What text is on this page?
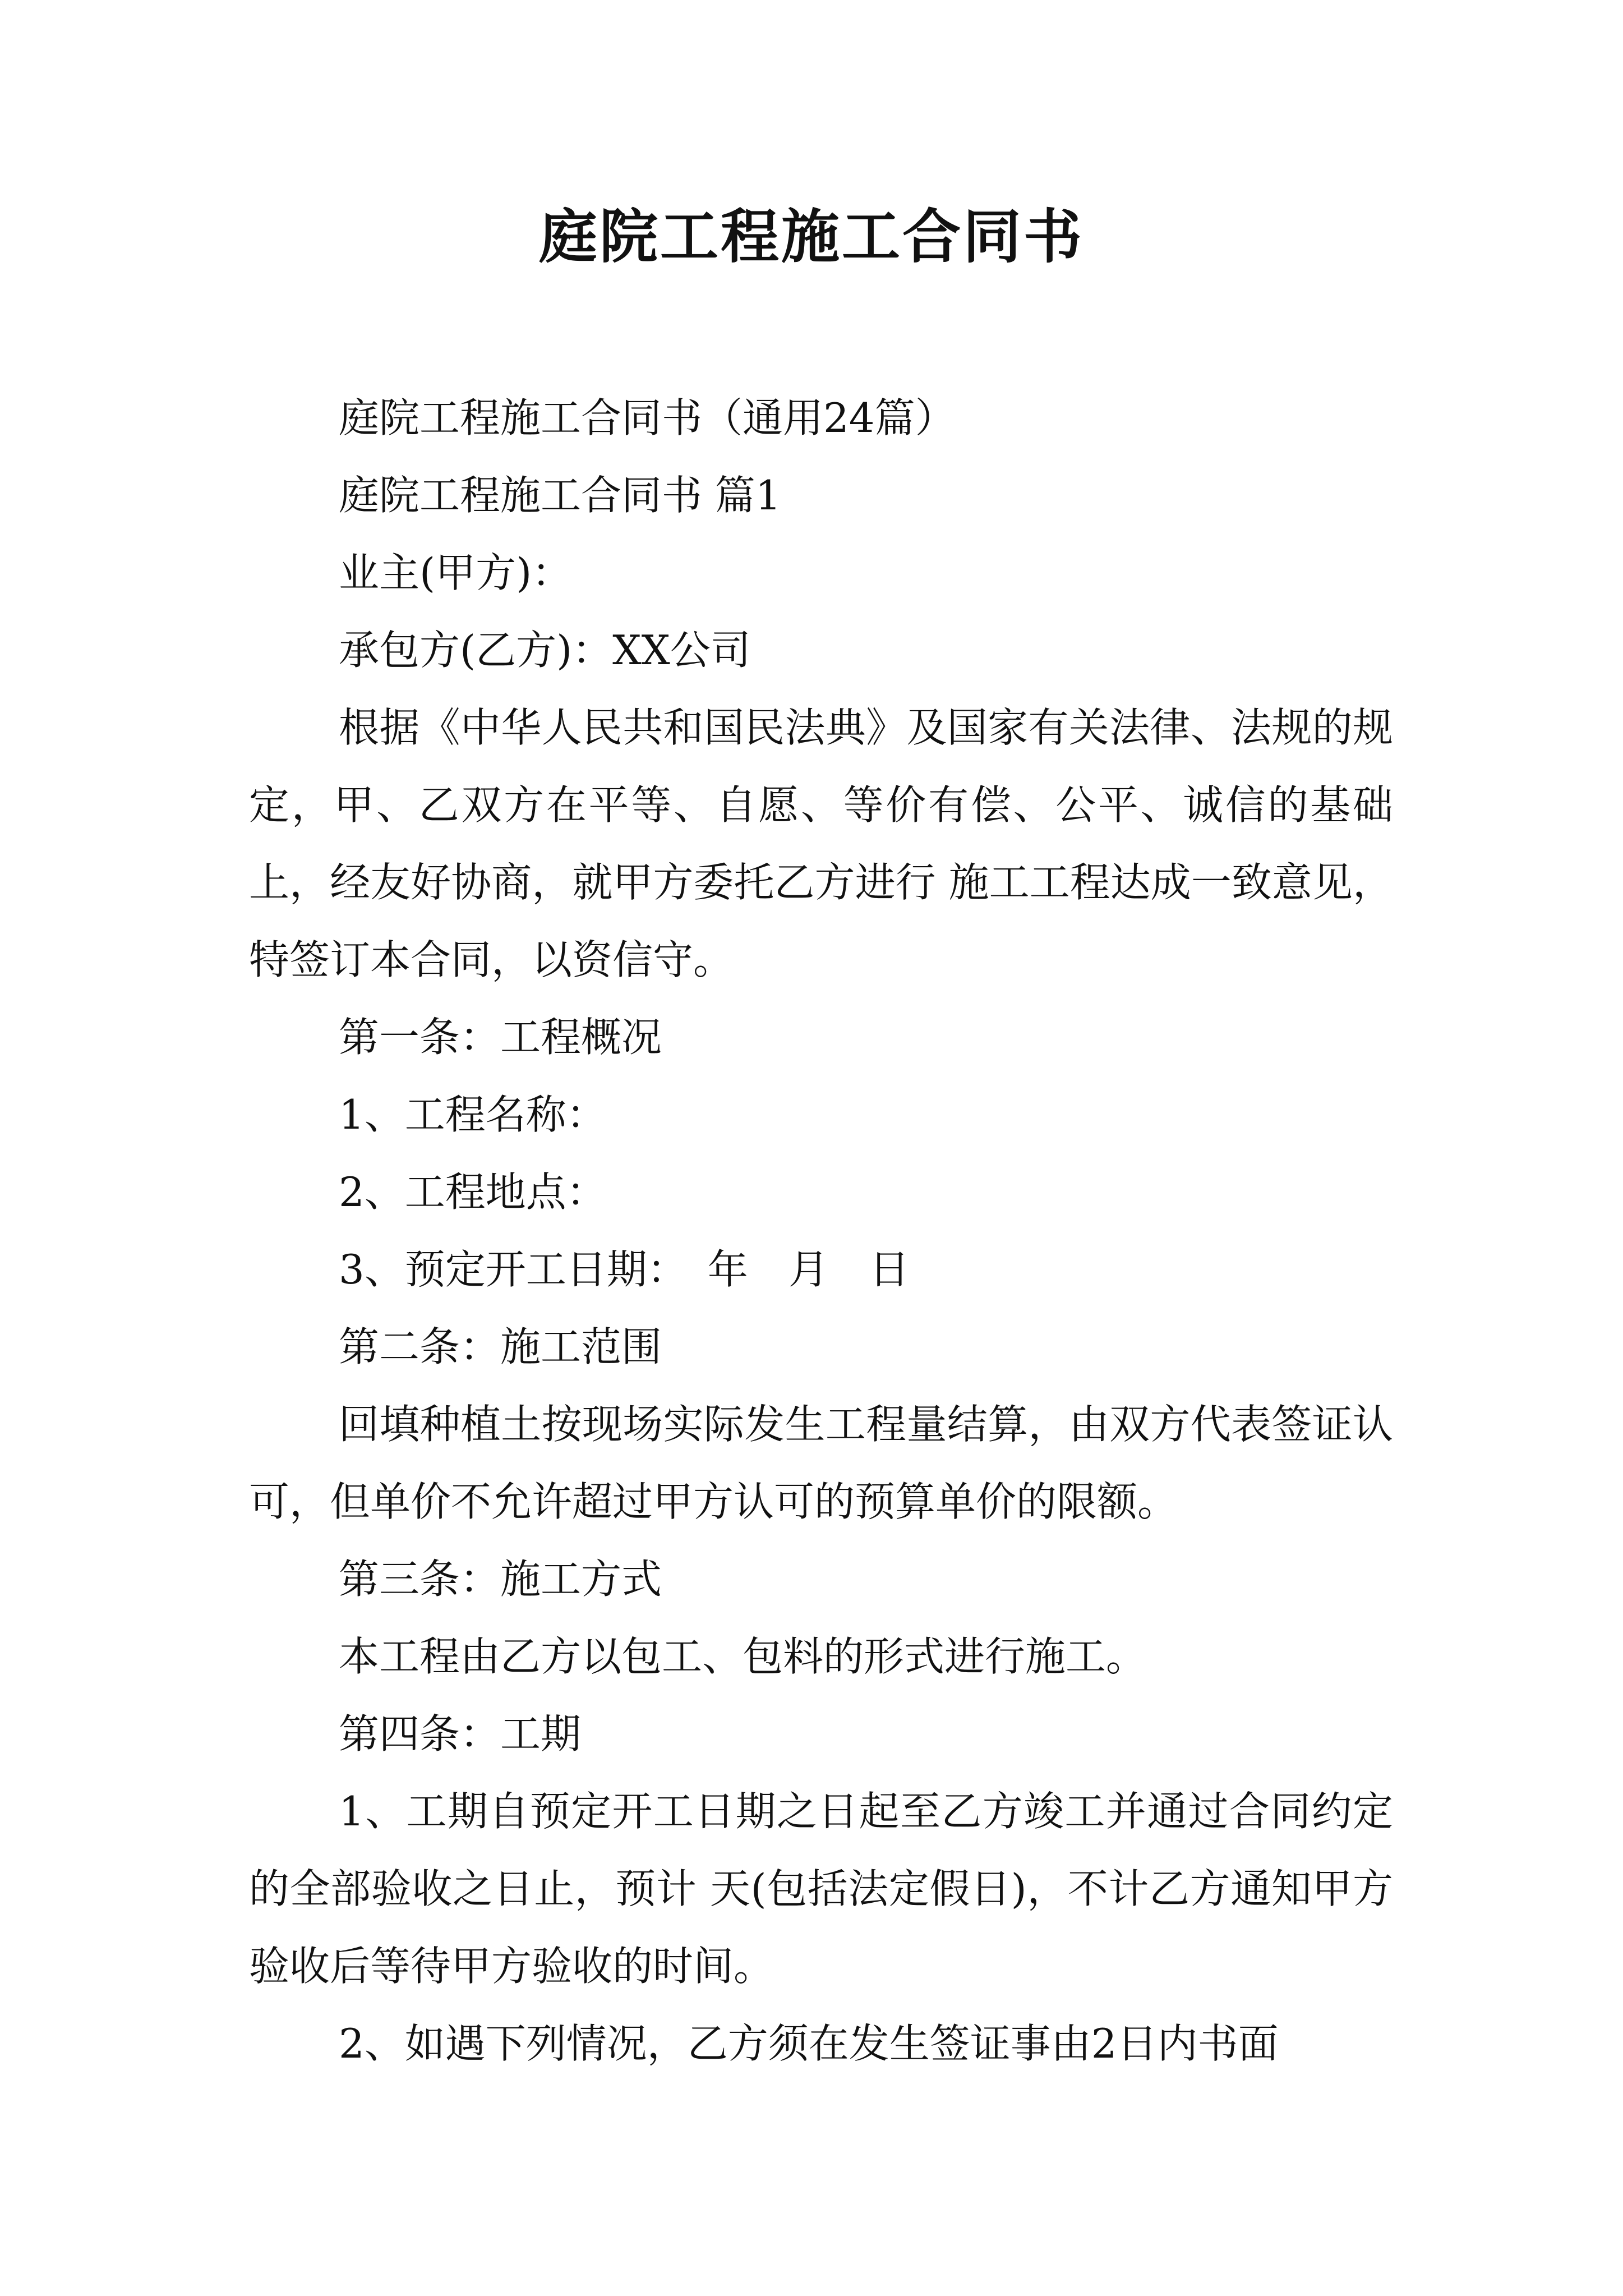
庭院工程施工合同书

庭院工程施工合同书（通用24篇）

庭院工程施工合同书 篇1

业主(甲方)：

承包方(乙方)：XX公司

根据《中华人民共和国民法典》及国家有关法律、法规的规定，甲、乙双方在平等、自愿、等价有偿、公平、诚信的基础上，经友好协商，就甲方委托乙方进行 施工工程达成一致意见，特签订本合同，以资信守。

第一条：工程概况

1、工程名称：

2、工程地点：

3、预定开工日期：　年　月　日

第二条：施工范围

回填种植土按现场实际发生工程量结算，由双方代表签证认可，但单价不允许超过甲方认可的预算单价的限额。

第三条：施工方式

本工程由乙方以包工、包料的形式进行施工。

第四条：工期

1、工期自预定开工日期之日起至乙方竣工并通过合同约定的全部验收之日止，预计 天(包括法定假日)，不计乙方通知甲方验收后等待甲方验收的时间。

2、如遇下列情况，乙方须在发生签证事由2日内书面
